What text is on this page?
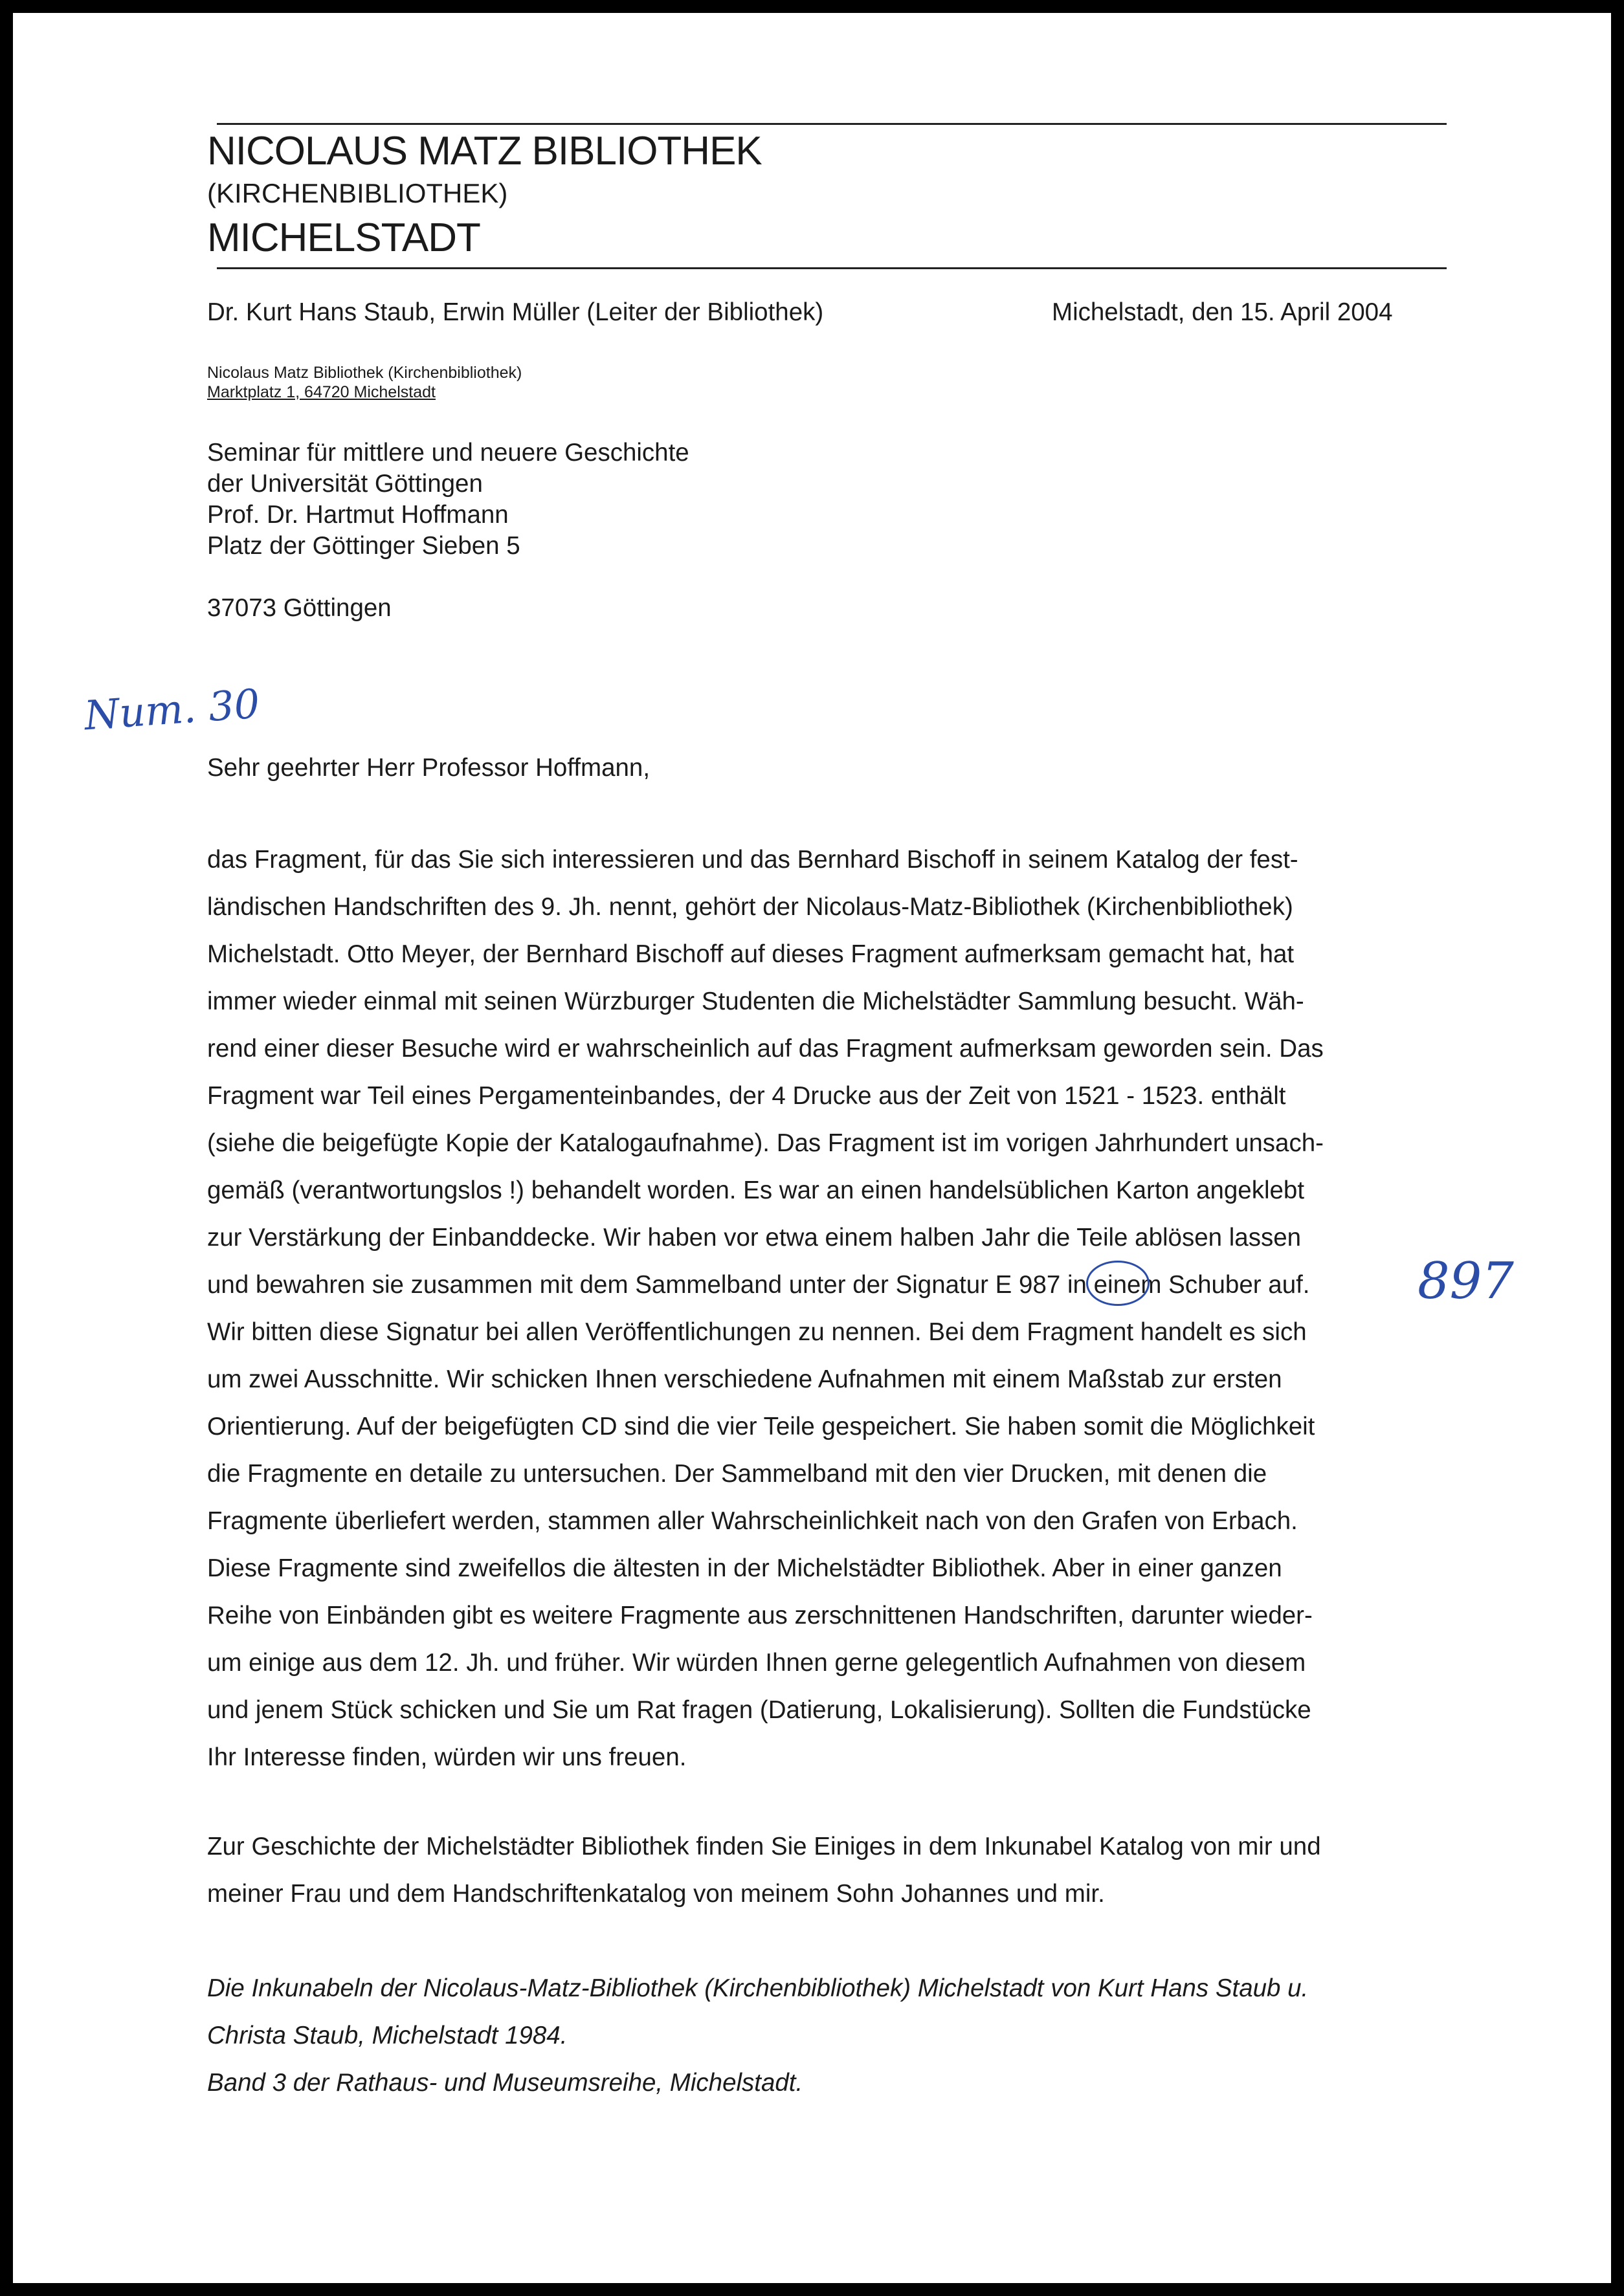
NICOLAUS MATZ BIBLIOTHEK
(KIRCHENBIBLIOTHEK)
MICHELSTADT
Dr. Kurt Hans Staub, Erwin Müller (Leiter der Bibliothek)	Michelstadt, den 15. April 2004
Nicolaus Matz Bibliothek (Kirchenbibliothek)
Marktplatz 1, 64720 Michelstadt
Seminar für mittlere und neuere Geschichte
der Universität Göttingen
Prof. Dr. Hartmut Hoffmann
Platz der Göttinger Sieben 5
37073 Göttingen
Num. 30
Sehr geehrter Herr Professor Hoffmann,
das Fragment, für das Sie sich interessieren und das Bernhard Bischoff in seinem Katalog der fest-
ländischen Handschriften des 9. Jh. nennt, gehört der Nicolaus-Matz-Bibliothek (Kirchenbibliothek)
Michelstadt. Otto Meyer, der Bernhard Bischoff auf dieses Fragment aufmerksam gemacht hat, hat
immer wieder einmal mit seinen Würzburger Studenten die Michelstädter Sammlung besucht. Wäh-
rend einer dieser Besuche wird er wahrscheinlich auf das Fragment aufmerksam geworden sein. Das
Fragment war Teil eines Pergamenteinbandes, der 4 Drucke aus der Zeit von 1521 - 1523. enthält
(siehe die beigefügte Kopie der Katalogaufnahme). Das Fragment ist im vorigen Jahrhundert unsach-
gemäß (verantwortungslos !) behandelt worden. Es war an einen handelsüblichen Karton angeklebt
zur Verstärkung der Einbanddecke. Wir haben vor etwa einem halben Jahr die Teile ablösen lassen
und bewahren sie zusammen mit dem Sammelband unter der Signatur E 987 in einem Schuber auf.
Wir bitten diese Signatur bei allen Veröffentlichungen zu nennen. Bei dem Fragment handelt es sich
um zwei Ausschnitte. Wir schicken Ihnen verschiedene Aufnahmen mit einem Maßstab zur ersten
Orientierung. Auf der beigefügten CD sind die vier Teile gespeichert. Sie haben somit die Möglichkeit
die Fragmente en detaile zu untersuchen. Der Sammelband mit den vier Drucken, mit denen die
Fragmente überliefert werden, stammen aller Wahrscheinlichkeit nach von den Grafen von Erbach.
Diese Fragmente sind zweifellos die ältesten in der Michelstädter Bibliothek. Aber in einer ganzen
Reihe von Einbänden gibt es weitere Fragmente aus zerschnittenen Handschriften, darunter wieder-
um einige aus dem 12. Jh. und früher. Wir würden Ihnen gerne gelegentlich Aufnahmen von diesem
und jenem Stück schicken und Sie um Rat fragen (Datierung, Lokalisierung). Sollten die Fundstücke
Ihr Interesse finden, würden wir uns freuen.
897
Zur Geschichte der Michelstädter Bibliothek finden Sie Einiges in dem Inkunabel Katalog von mir und
meiner Frau und dem Handschriftenkatalog von meinem Sohn Johannes und mir.
Die Inkunabeln der Nicolaus-Matz-Bibliothek (Kirchenbibliothek) Michelstadt von Kurt Hans Staub u.
Christa Staub, Michelstadt 1984.
Band 3 der Rathaus- und Museumsreihe, Michelstadt.
